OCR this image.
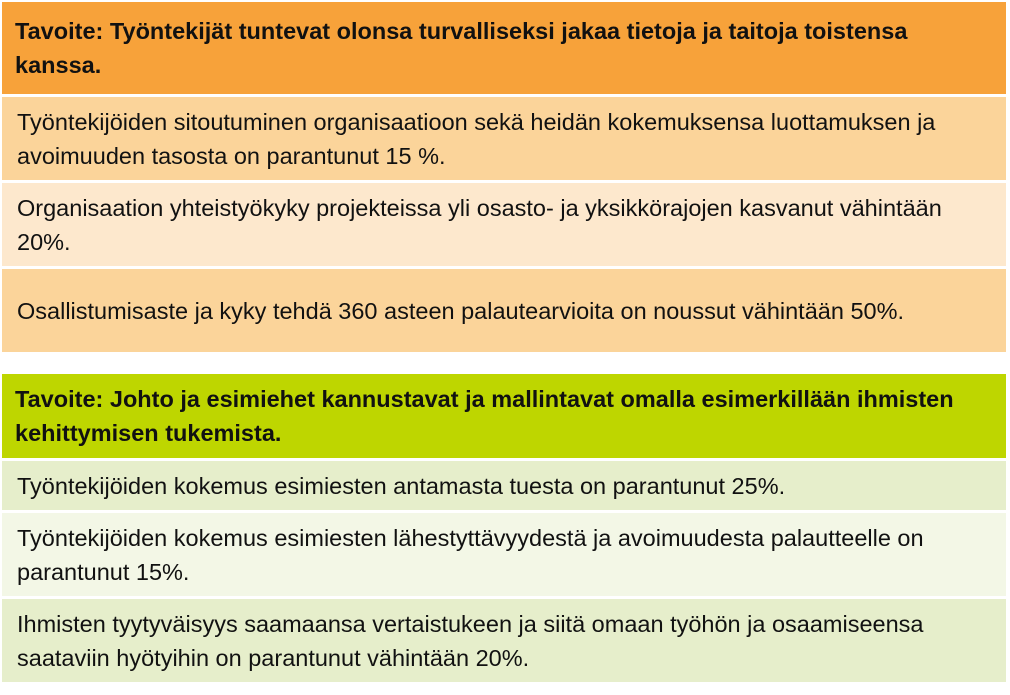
Tavoite: Työntekijät tuntevat olonsa turvalliseksi jakaa tietoja ja taitoja toistensa kanssa.
Työntekijöiden sitoutuminen organisaatioon sekä heidän kokemuksensa luottamuksen ja avoimuuden tasosta on parantunut 15 %.
Organisaation yhteistyökyky projekteissa yli osasto- ja yksikkörajojen kasvanut vähintään 20%.
Osallistumisaste ja kyky tehdä 360 asteen palautearvioita on noussut vähintään 50%.
Tavoite: Johto ja esimiehet kannustavat ja mallintavat omalla esimerkillään ihmisten kehittymisen tukemista.
Työntekijöiden kokemus esimiesten antamasta tuesta on parantunut 25%.
Työntekijöiden kokemus esimiesten lähestyttävyydestä ja avoimuudesta palautteelle on parantunut 15%.
Ihmisten tyytyväisyys saamaansa vertaistukeen ja siitä omaan työhön ja osaamiseensa saataviin hyötyihin on parantunut vähintään 20%.
